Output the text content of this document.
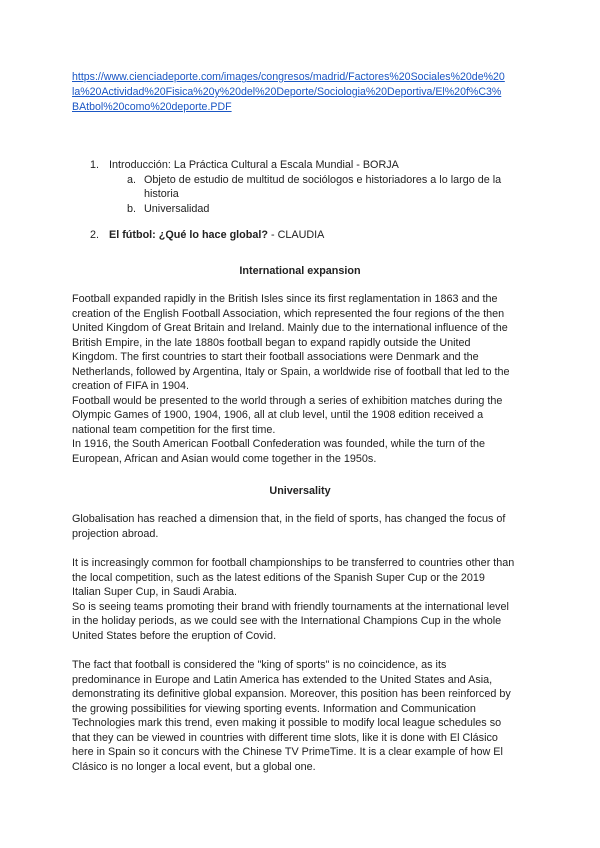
https://www.cienciadeporte.com/images/congresos/madrid/Factores%20Sociales%20de%20
la%20Actividad%20Fisica%20y%20del%20Deporte/Sociologia%20Deportiva/El%20f%C3%
BAtbol%20como%20deporte.PDF
1. Introducción: La Práctica Cultural a Escala Mundial - BORJA
a. Objeto de estudio de multitud de sociólogos e historiadores a lo largo de la
historia
b. Universalidad
2. El fútbol: ¿Qué lo hace global? - CLAUDIA
International expansion

Football expanded rapidly in the British Isles since its first reglamentation in 1863 and the

creation of the English Football Association, which represented the four regions of the then

United Kingdom of Great Britain and Ireland. Mainly due to the international influence of the

British Empire, in the late 1880s football began to expand rapidly outside the United

Kingdom. The first countries to start their football associations were Denmark and the

Netherlands, followed by Argentina, Italy or Spain, a worldwide rise of football that led to the

creation of FIFA in 1904.

Football would be presented to the world through a series of exhibition matches during the

Olympic Games of 1900, 1904, 1906, all at club level, until the 1908 edition received a

national team competition for the first time.

In 1916, the South American Football Confederation was founded, while the turn of the

European, African and Asian would come together in the 1950s.

Universality

Globalisation has reached a dimension that, in the field of sports, has changed the focus of

projection abroad.

It is increasingly common for football championships to be transferred to countries other than

the local competition, such as the latest editions of the Spanish Super Cup or the 2019

Italian Super Cup, in Saudi Arabia.

So is seeing teams promoting their brand with friendly tournaments at the international level

in the holiday periods, as we could see with the International Champions Cup in the whole

United States before the eruption of Covid.

The fact that football is considered the "king of sports" is no coincidence, as its

predominance in Europe and Latin America has extended to the United States and Asia,

demonstrating its definitive global expansion. Moreover, this position has been reinforced by

the growing possibilities for viewing sporting events. Information and Communication

Technologies mark this trend, even making it possible to modify local league schedules so

that they can be viewed in countries with different time slots, like it is done with El Clásico

here in Spain so it concurs with the Chinese TV PrimeTime. It is a clear example of how El

Clásico is no longer a local event, but a global one.
